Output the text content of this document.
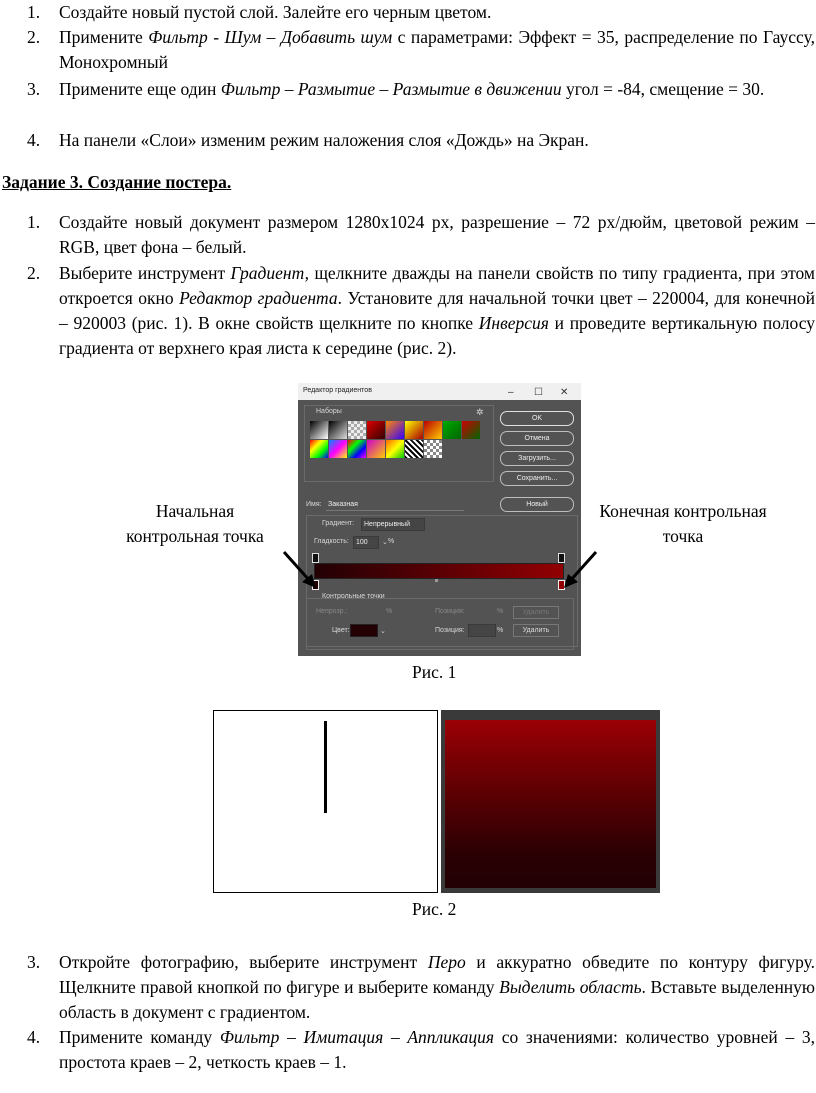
1. Создайте новый пустой слой. Залейте его черным цветом.
2. Примените Фильтр - Шум – Добавить шум с параметрами: Эффект = 35, распределение по Гауссу, Монохромный
3. Примените еще один Фильтр – Размытие – Размытие в движении угол = -84, смещение = 30.
4. На панели «Слои» изменим режим наложения слоя «Дождь» на Экран.
Задание 3. Создание постера.
1. Создайте новый документ размером 1280х1024 px, разрешение – 72 px/дюйм, цветовой режим – RGB, цвет фона – белый.
2. Выберите инструмент Градиент, щелкните дважды на панели свойств по типу градиента, при этом откроется окно Редактор градиента. Установите для начальной точки цвет – 220004, для конечной – 920003 (рис. 1). В окне свойств щелкните по кнопке Инверсия и проведите вертикальную полосу градиента от верхнего края листа к середине (рис. 2).
Начальная контрольная точка
Конечная контрольная точка
Редактор градиентов	– ☐ ✕
Наборы	✲
OK
Отмена
Загрузить...
Сохранить...
Имя: Заказная	Новый
Градиент:	Непрерывный
Гладкость:	100	⌄ %
Контрольные точки
Непрозр.:	%	Позиция:	%	Удалить
Цвет:	⌄	Позиция:	%	Удалить
Рис. 1
Рис. 2
3. Откройте фотографию, выберите инструмент Перо и аккуратно обведите по контуру фигуру. Щелкните правой кнопкой по фигуре и выберите команду Выделить область. Вставьте выделенную область в документ с градиентом.
4. Примените команду Фильтр – Имитация – Аппликация со значениями: количество уровней – 3, простота краев – 2, четкость краев – 1.
